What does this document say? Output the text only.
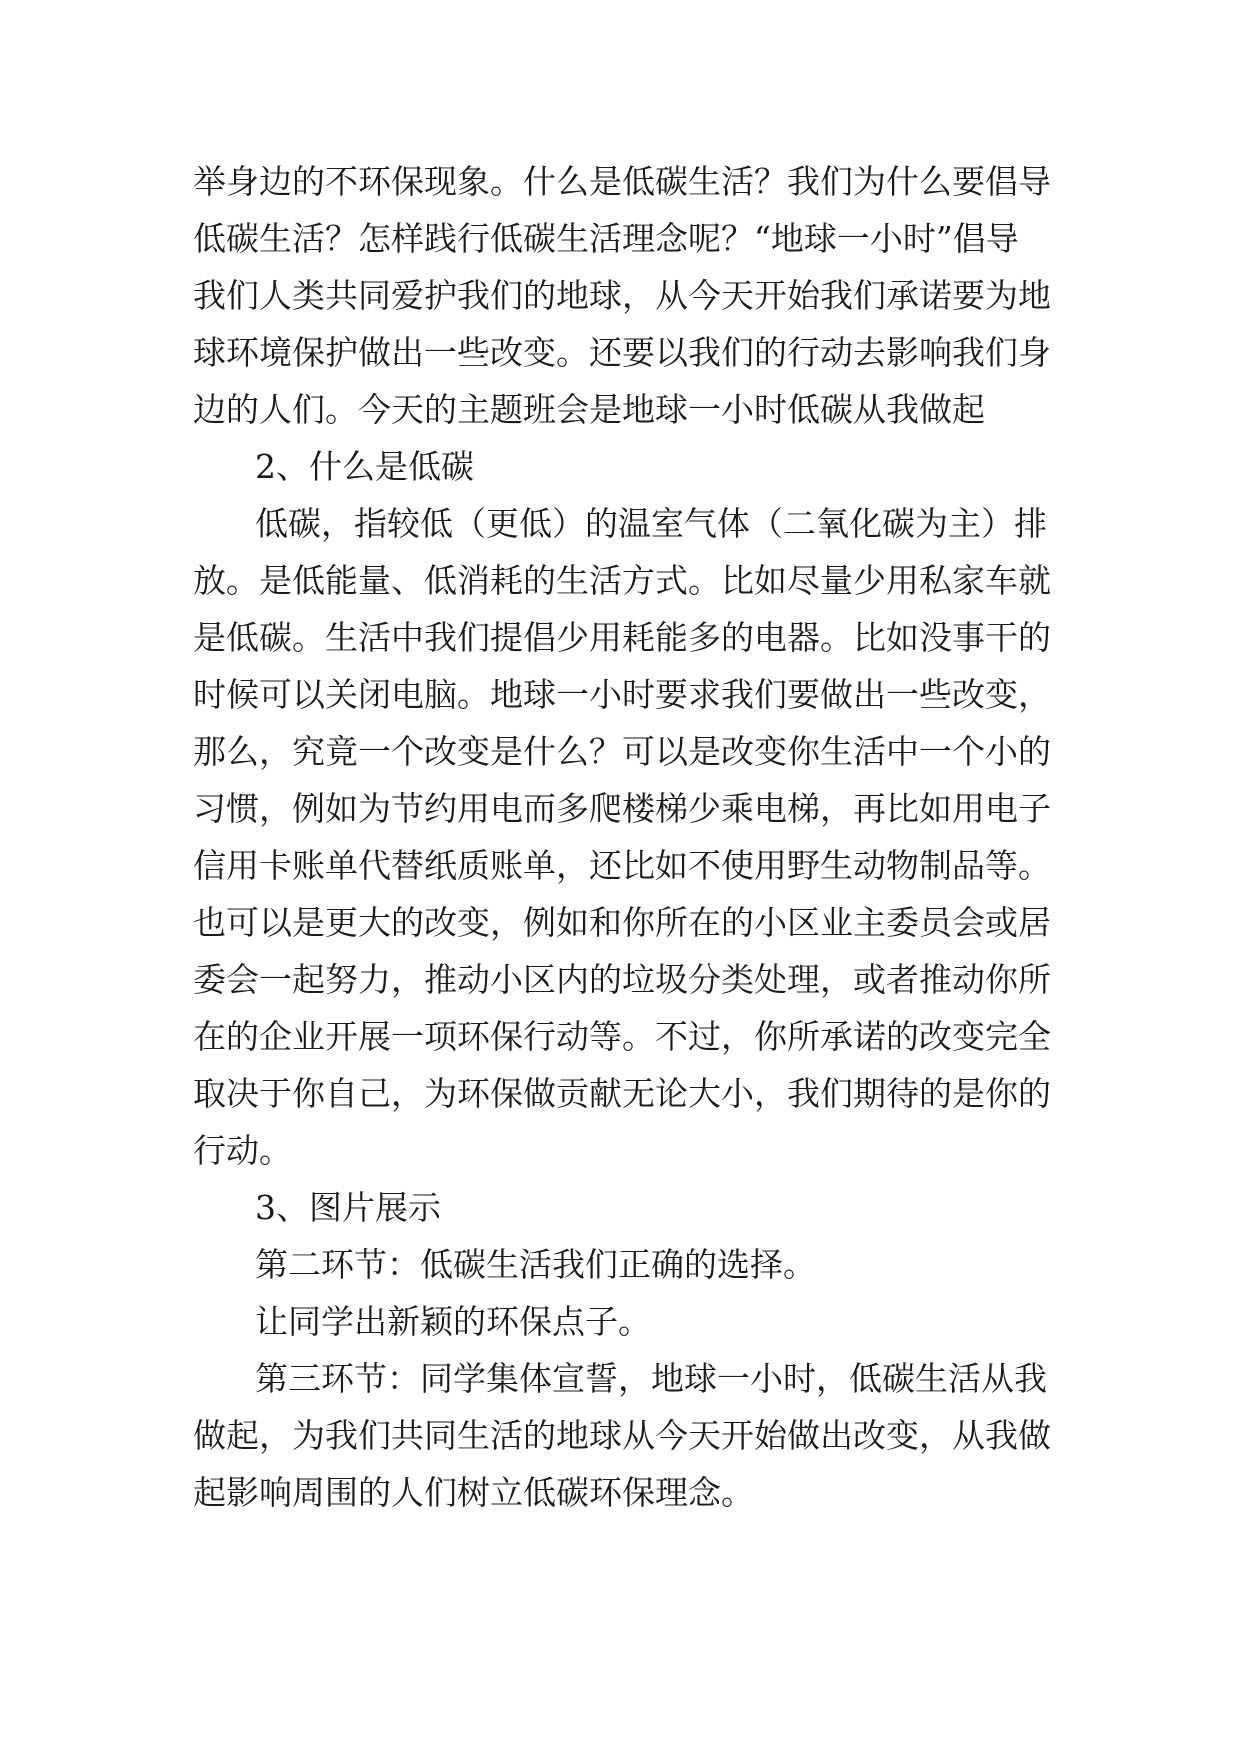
举身边的不环保现象。什么是低碳生活？我们为什么要倡导
低碳生活？怎样践行低碳生活理念呢？“地球一小时”倡导
我们人类共同爱护我们的地球，从今天开始我们承诺要为地
球环境保护做出一些改变。还要以我们的行动去影响我们身
边的人们。今天的主题班会是地球一小时低碳从我做起
2、什么是低碳
低碳，指较低（更低）的温室气体（二氧化碳为主）排
放。是低能量、低消耗的生活方式。比如尽量少用私家车就
是低碳。生活中我们提倡少用耗能多的电器。比如没事干的
时候可以关闭电脑。地球一小时要求我们要做出一些改变，
那么，究竟一个改变是什么？可以是改变你生活中一个小的
习惯，例如为节约用电而多爬楼梯少乘电梯，再比如用电子
信用卡账单代替纸质账单，还比如不使用野生动物制品等。
也可以是更大的改变，例如和你所在的小区业主委员会或居
委会一起努力，推动小区内的垃圾分类处理，或者推动你所
在的企业开展一项环保行动等。不过，你所承诺的改变完全
取决于你自己，为环保做贡献无论大小，我们期待的是你的
行动。
3、图片展示
第二环节：低碳生活我们正确的选择。
让同学出新颖的环保点子。
第三环节：同学集体宣誓，地球一小时，低碳生活从我
做起，为我们共同生活的地球从今天开始做出改变，从我做
起影响周围的人们树立低碳环保理念。
